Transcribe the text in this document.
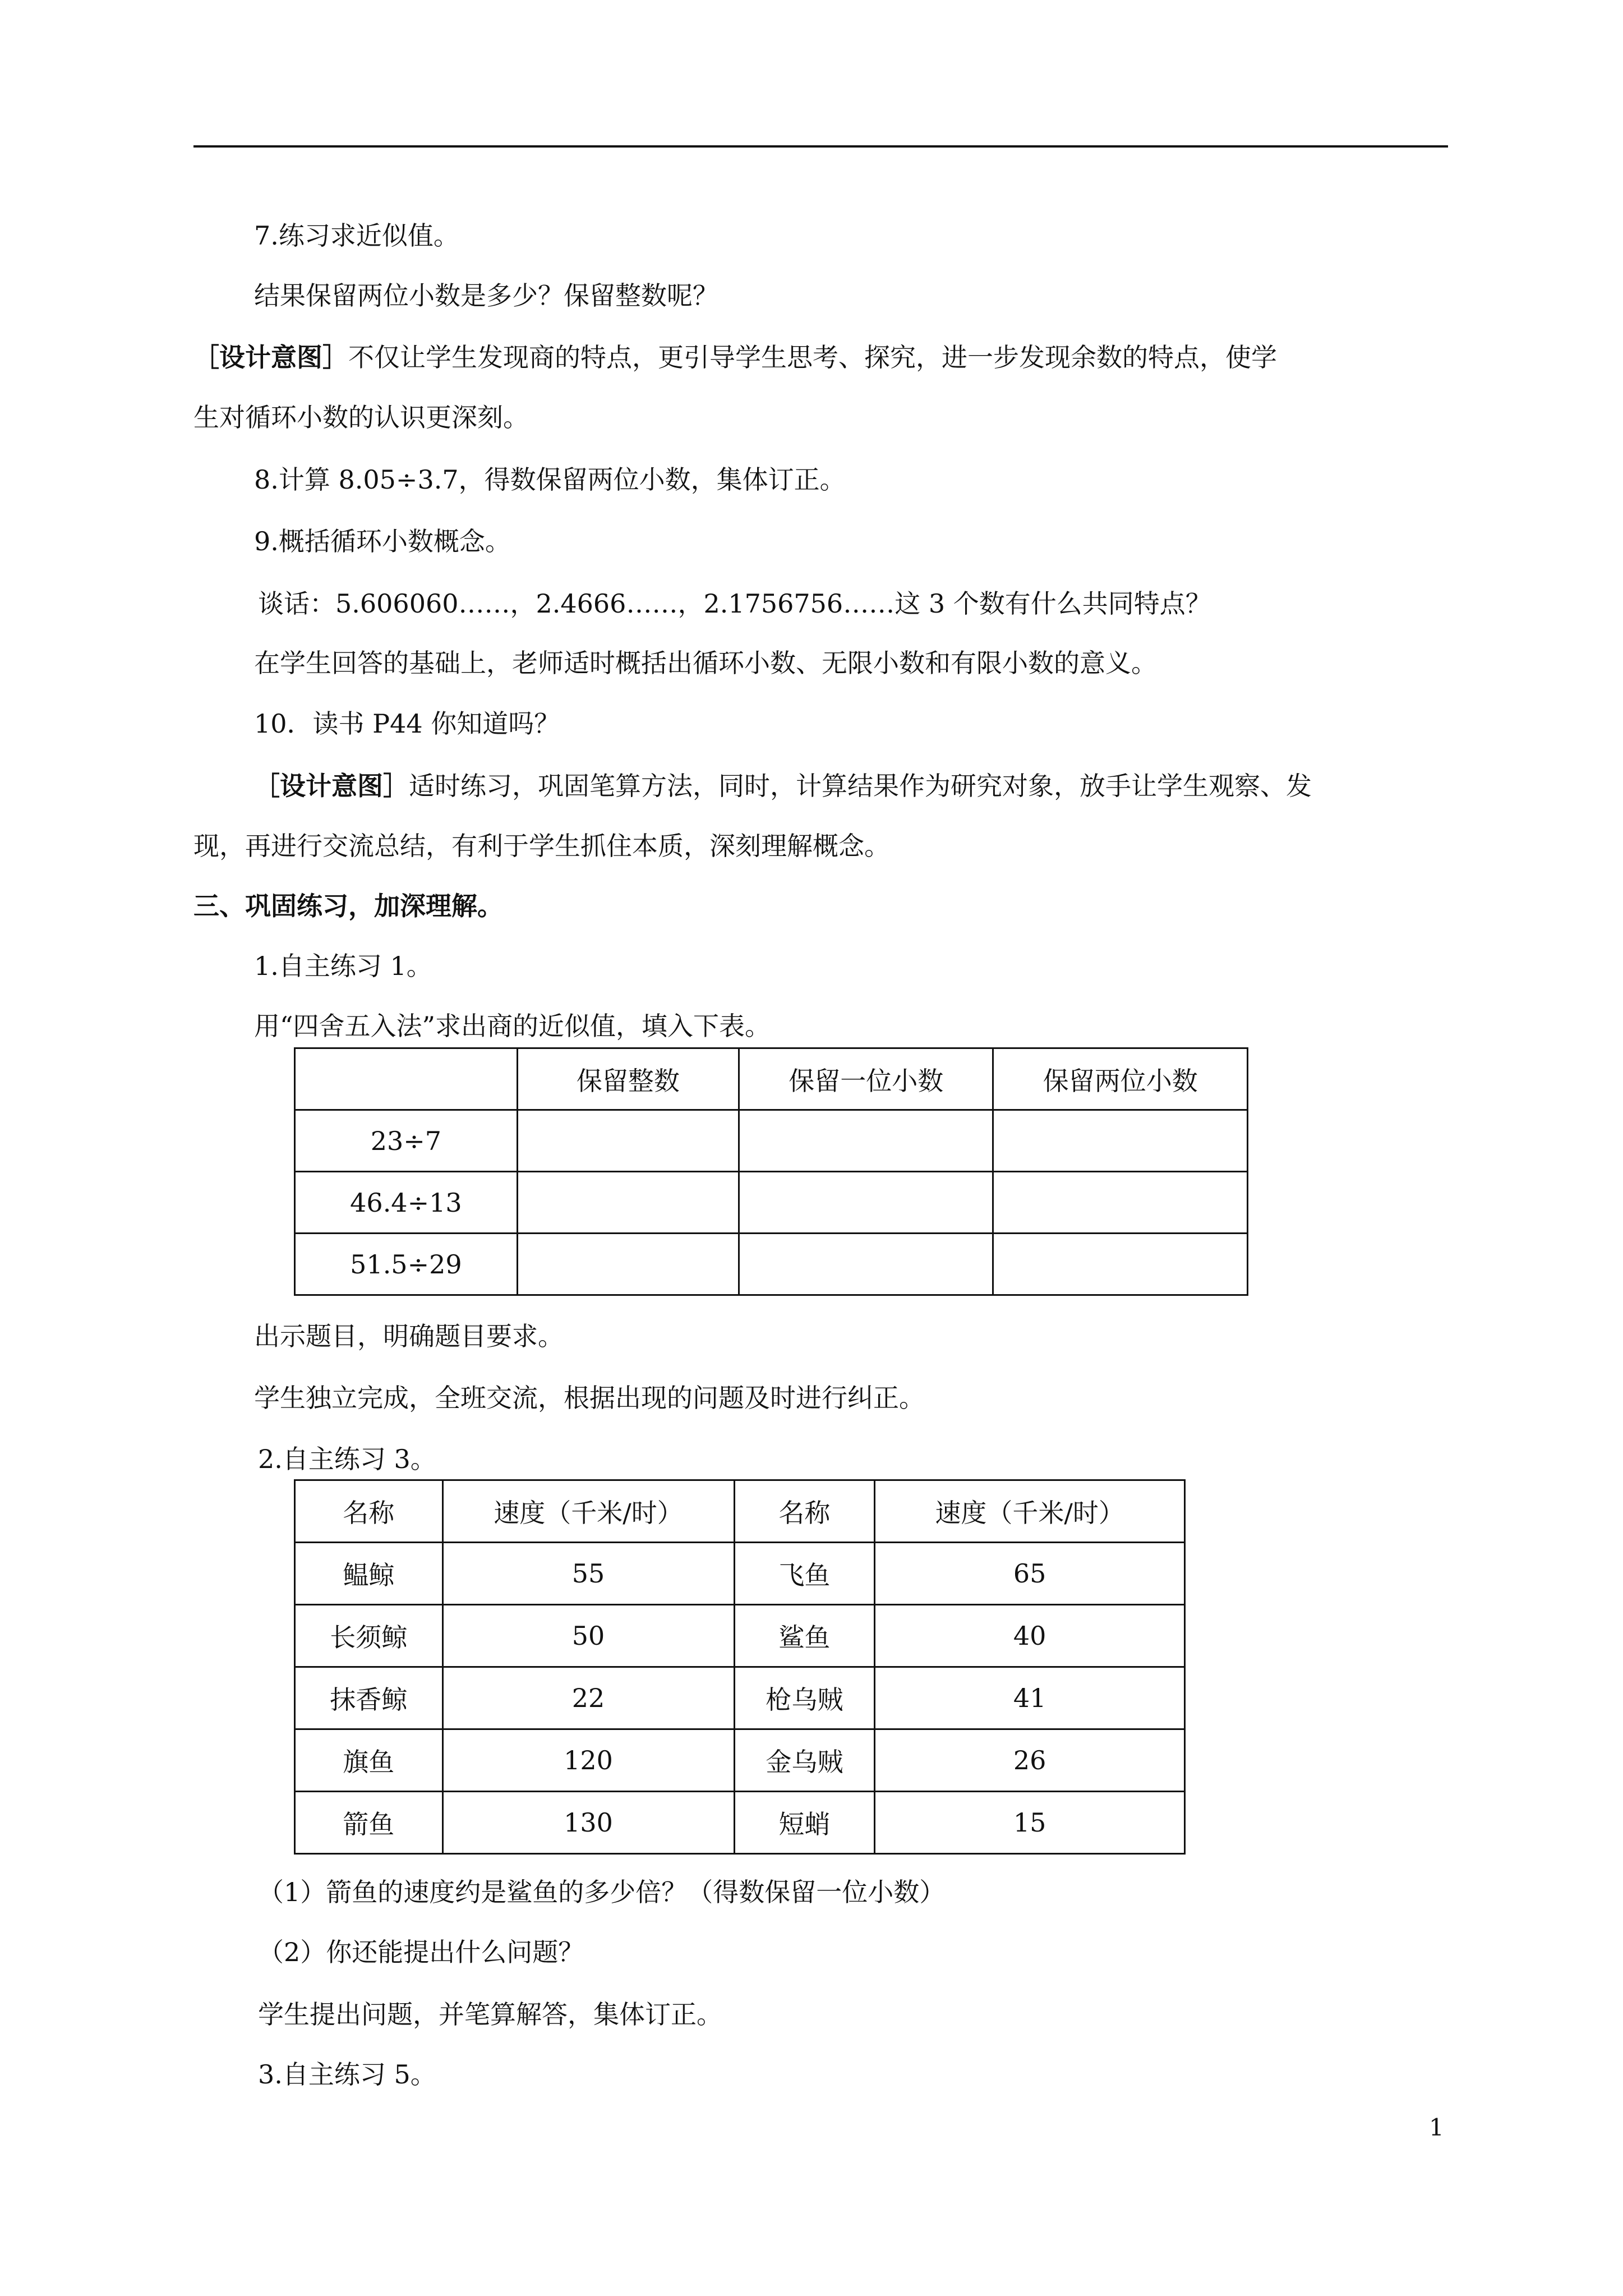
7.练习求近似值。
结果保留两位小数是多少？保留整数呢？
［设计意图］不仅让学生发现商的特点，更引导学生思考、探究，进一步发现余数的特点，使学
生对循环小数的认识更深刻。
8.计算 8.05÷3.7，得数保留两位小数，集体订正。
9.概括循环小数概念。
谈话：5.606060……，2.4666……，2.1756756……这 3 个数有什么共同特点？
在学生回答的基础上，老师适时概括出循环小数、无限小数和有限小数的意义。
10．读书 P44 你知道吗？
［设计意图］适时练习，巩固笔算方法，同时，计算结果作为研究对象，放手让学生观察、发
现，再进行交流总结，有利于学生抓住本质，深刻理解概念。
三、巩固练习，加深理解。
1.自主练习 1。
用“四舍五入法”求出商的近似值，填入下表。
	保留整数	保留一位小数	保留两位小数
23÷7			
46.4÷13			
51.5÷29			
出示题目，明确题目要求。
学生独立完成，全班交流，根据出现的问题及时进行纠正。
2.自主练习 3。
名称	速度（千米/时）	名称	速度（千米/时）
鳁鲸	55	飞鱼	65
长须鲸	50	鲨鱼	40
抹香鲸	22	枪乌贼	41
旗鱼	120	金乌贼	26
箭鱼	130	短蛸	15
（1）箭鱼的速度约是鲨鱼的多少倍？（得数保留一位小数）
（2）你还能提出什么问题？
学生提出问题，并笔算解答，集体订正。
3.自主练习 5。
1
